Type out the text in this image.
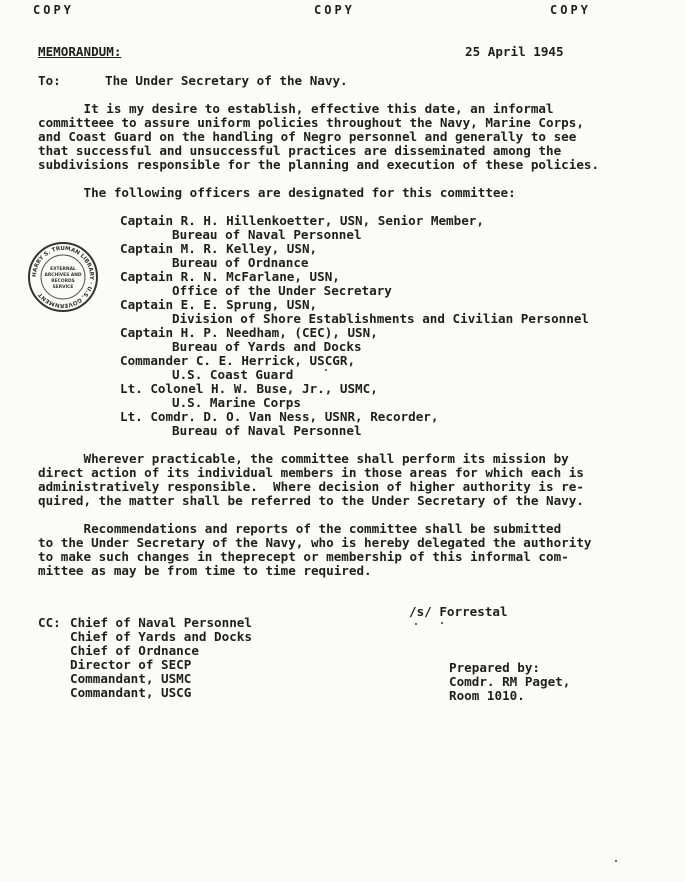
COPY	COPY	COPY
MEMORANDUM:	25 April 1945
To:	The Under Secretary of the Navy.
It is my desire to establish, effective this date, an informal
committeee to assure uniform policies throughout the Navy, Marine Corps,
and Coast Guard on the handling of Negro personnel and generally to see
that successful and unsuccessful practices are disseminated among the
subdivisions responsible for the planning and execution of these policies.
The following officers are designated for this committee:
HARRY S. TRUMAN LIBRARY · U.S. GOVERNMENT
EXTERNAL
ARCHIVES AND
RECORDS
SERVICE
Captain R. H. Hillenkoetter, USN, Senior Member,
Bureau of Naval Personnel
Captain M. R. Kelley, USN,
Bureau of Ordnance
Captain R. N. McFarlane, USN,
Office of the Under Secretary
Captain E. E. Sprung, USN,
Division of Shore Establishments and Civilian Personnel
Captain H. P. Needham, (CEC), USN,
Bureau of Yards and Docks
Commander C. E. Herrick, USCGR,
U.S. Coast Guard
Lt. Colonel H. W. Buse, Jr., USMC,
U.S. Marine Corps
Lt. Comdr. D. O. Van Ness, USNR, Recorder,
Bureau of Naval Personnel
Wherever practicable, the committee shall perform its mission by
direct action of its individual members in those areas for which each is
administratively responsible.  Where decision of higher authority is re-
quired, the matter shall be referred to the Under Secretary of the Navy.
Recommendations and reports of the committee shall be submitted
to the Under Secretary of the Navy, who is hereby delegated the authority
to make such changes in theprecept or membership of this informal com-
mittee as may be from time to time required.
/s/ Forrestal
CC: Chief of Naval Personnel
Chief of Yards and Docks
Chief of Ordnance
Director of SECP
Commandant, USMC
Commandant, USCG
Prepared by:
Comdr. RM Paget,
Room 1010.
